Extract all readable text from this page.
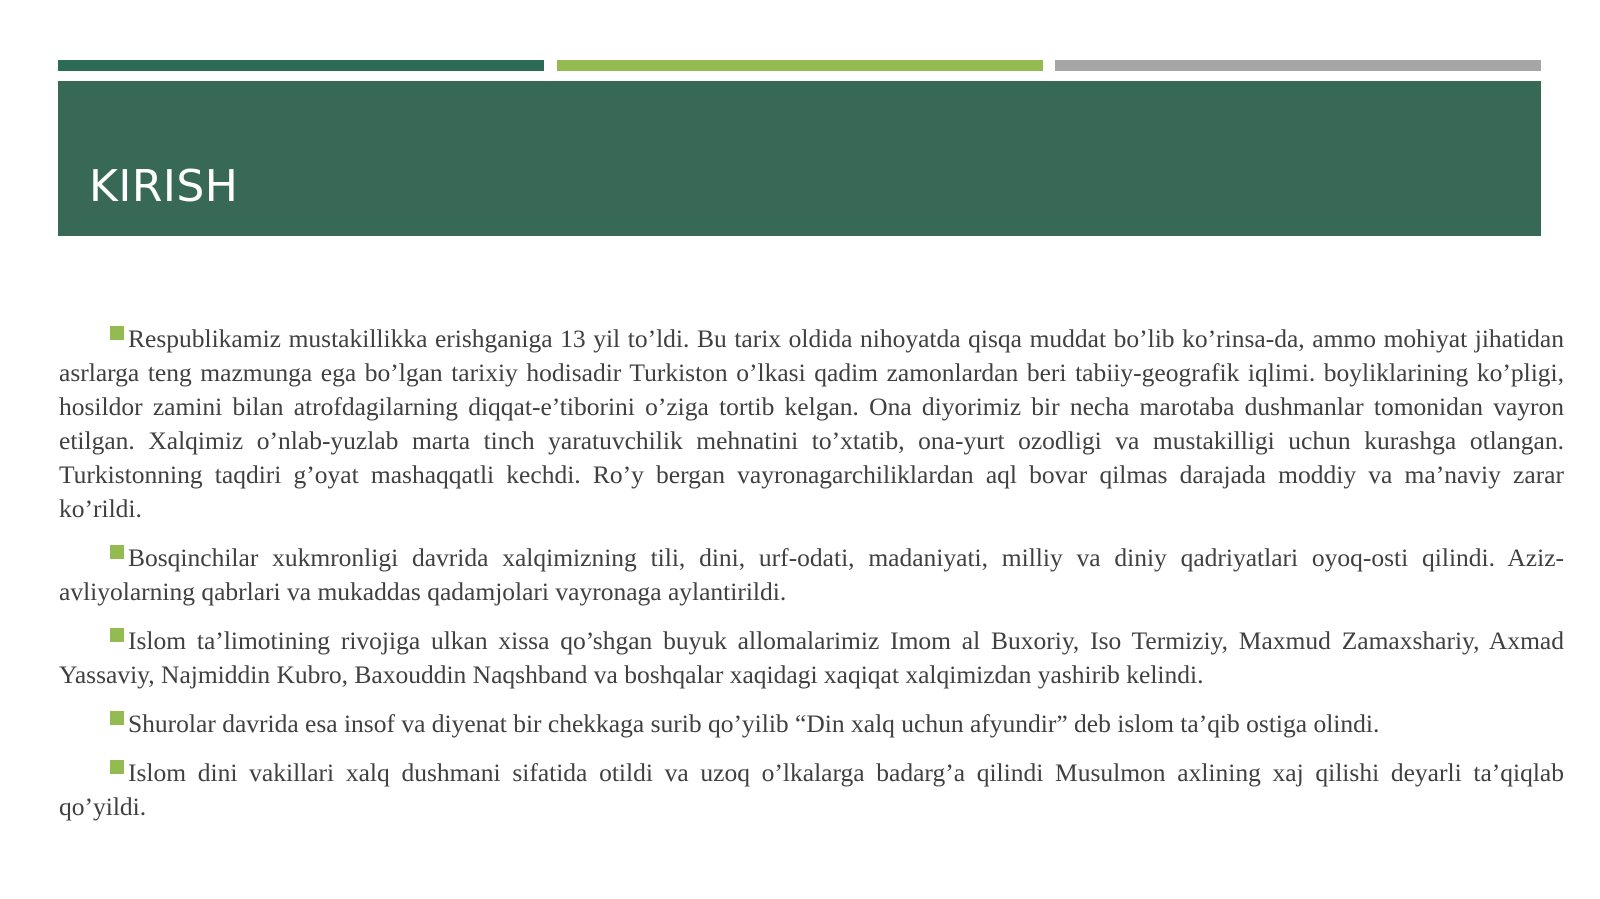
KIRISH

Respublikamiz mustakillikka erishganiga 13 yil to’ldi. Bu tarix oldida nihoyatda qisqa muddat bo’lib ko’rinsa-da, ammo mohiyat jihatidan asrlarga teng mazmunga ega bo’lgan tarixiy hodisadir Turkiston o’lkasi qadim zamonlardan beri tabiiy-geografik iqlimi. boyliklarining ko’pligi, hosildor zamini bilan atrofdagilarning diqqat-e’tiborini o’ziga tortib kelgan. Ona diyorimiz bir necha marotaba dushmanlar tomonidan vayron etilgan. Xalqimiz o’nlab-yuzlab marta tinch yaratuvchilik mehnatini to’xtatib, ona-yurt ozodligi va mustakilligi uchun kurashga otlangan. Turkistonning taqdiri g’oyat mashaqqatli kechdi. Ro’y bergan vayronagarchiliklardan aql bovar qilmas darajada moddiy va ma’naviy zarar ko’rildi.

Bosqinchilar xukmronligi davrida xalqimizning tili, dini, urf-odati, madaniyati, milliy va diniy qadriyatlari oyoq-osti qilindi. Aziz-avliyolarning qabrlari va mukaddas qadamjolari vayronaga aylantirildi.

Islom ta’limotining rivojiga ulkan xissa qo’shgan buyuk allomalarimiz Imom al Buxoriy, Iso Termiziy, Maxmud Zamaxshariy, Axmad Yassaviy, Najmiddin Kubro, Baxouddin Naqshband va boshqalar xaqidagi xaqiqat xalqimizdan yashirib kelindi.

Shurolar davrida esa insof va diyenat bir chekkaga surib qo’yilib “Din xalq uchun afyundir” deb islom ta’qib ostiga olindi.

Islom dini vakillari xalq dushmani sifatida otildi va uzoq o’lkalarga badarg’a qilindi Musulmon axlining xaj qilishi deyarli ta’qiqlab qo’yildi.
